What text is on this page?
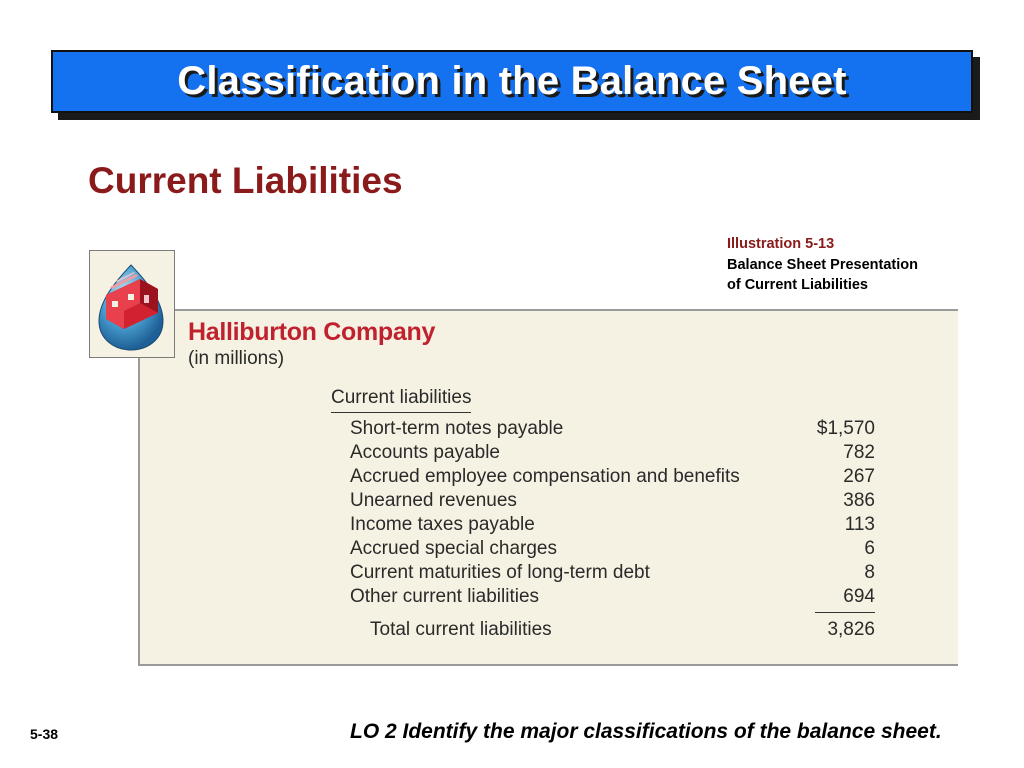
Classification in the Balance Sheet
Current Liabilities
Illustration 5-13
Balance Sheet Presentation
of Current Liabilities
Halliburton Company
(in millions)
Current liabilities
Short-term notes payable	$1,570
Accounts payable	782
Accrued employee compensation and benefits	267
Unearned revenues	386
Income taxes payable	113
Accrued special charges	6
Current maturities of long-term debt	8
Other current liabilities	694
Total current liabilities	3,826
5-38	LO 2 Identify the major classifications of the balance sheet.
